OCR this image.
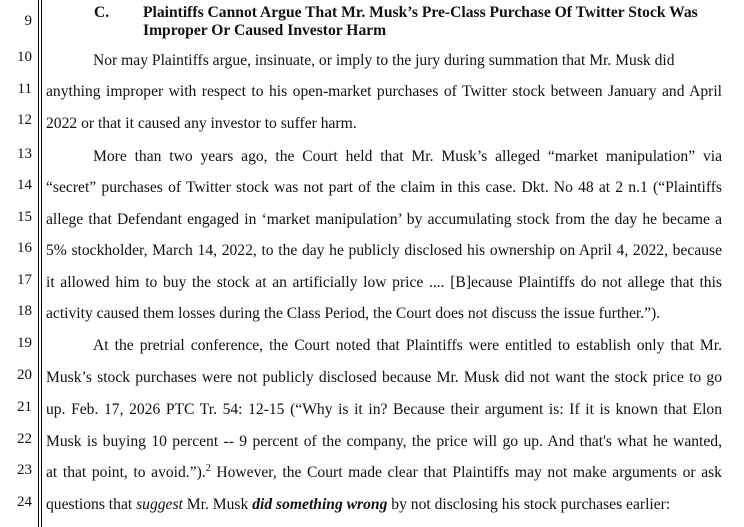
9
10
11
12
13
14
15
16
17
18
19
20
21
22
23
24
C.	Plaintiffs Cannot Argue That Mr. Musk’s Pre-Class Purchase Of Twitter Stock Was
Improper Or Caused Investor Harm
Nor may Plaintiffs argue, insinuate, or imply to the jury during summation that Mr. Musk did
anything improper with respect to his open-market purchases of Twitter stock between January and April
2022 or that it caused any investor to suffer harm.
More than two years ago, the Court held that Mr. Musk’s alleged “market manipulation” via
“secret” purchases of Twitter stock was not part of the claim in this case. Dkt. No 48 at 2 n.1 (“Plaintiffs
allege that Defendant engaged in ‘market manipulation’ by accumulating stock from the day he became a
5% stockholder, March 14, 2022, to the day he publicly disclosed his ownership on April 4, 2022, because
it allowed him to buy the stock at an artificially low price .... [B]ecause Plaintiffs do not allege that this
activity caused them losses during the Class Period, the Court does not discuss the issue further.”).
At the pretrial conference, the Court noted that Plaintiffs were entitled to establish only that Mr.
Musk’s stock purchases were not publicly disclosed because Mr. Musk did not want the stock price to go
up. Feb. 17, 2026 PTC Tr. 54: 12-15 (“Why is it in? Because their argument is: If it is known that Elon
Musk is buying 10 percent -- 9 percent of the company, the price will go up. And that's what he wanted,
at that point, to avoid.”).$^2$ However, the Court made clear that Plaintiffs may not make arguments or ask
questions that suggest Mr. Musk did something wrong by not disclosing his stock purchases earlier:
